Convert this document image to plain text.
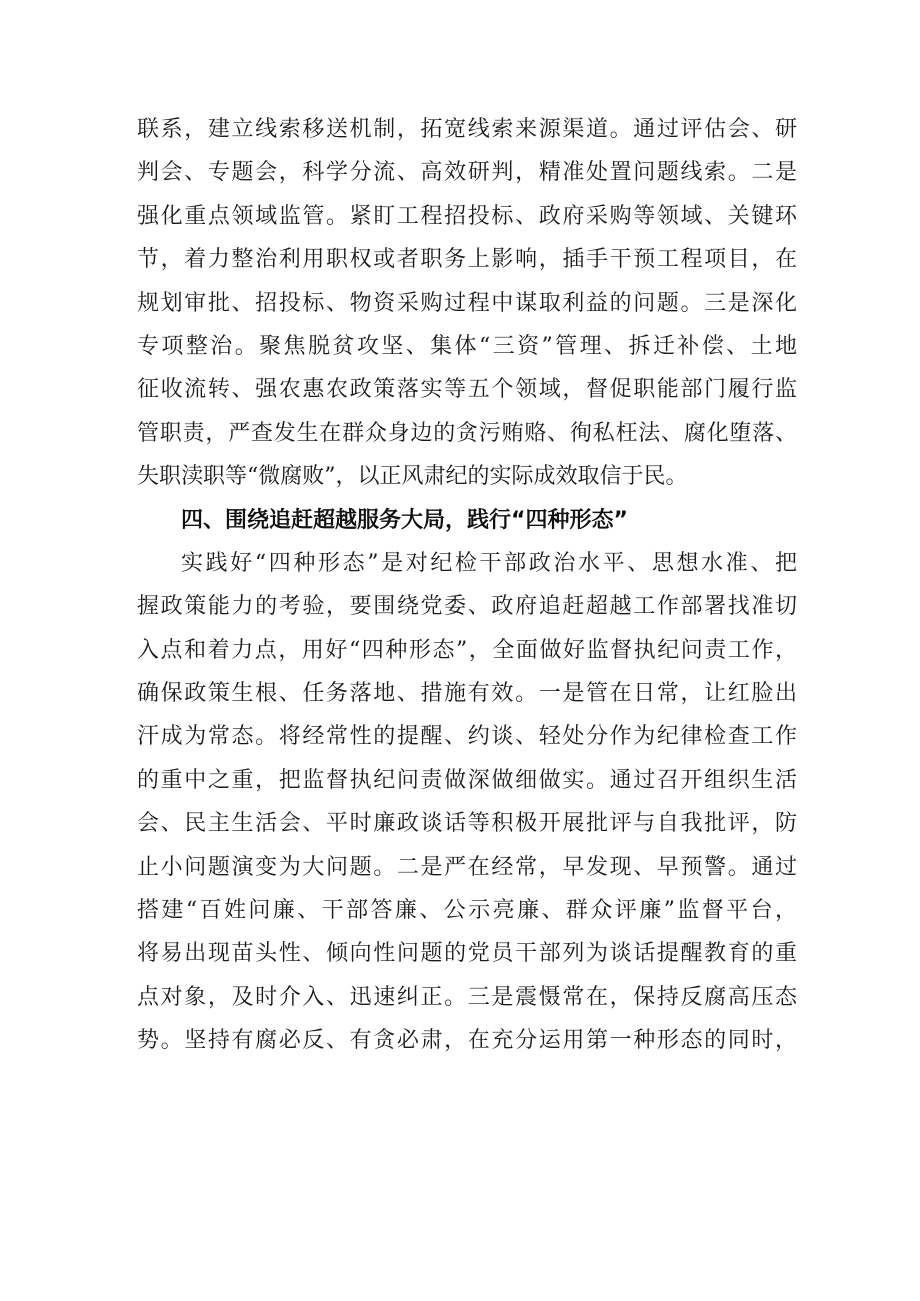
联系，建立线索移送机制，拓宽线索来源渠道。通过评估会、研
判会、专题会，科学分流、高效研判，精准处置问题线索。二是
强化重点领域监管。紧盯工程招投标、政府采购等领域、关键环
节，着力整治利用职权或者职务上影响，插手干预工程项目，在
规划审批、招投标、物资采购过程中谋取利益的问题。三是深化
专项整治。聚焦脱贫攻坚、集体“三资”管理、拆迁补偿、土地
征收流转、强农惠农政策落实等五个领域，督促职能部门履行监
管职责，严查发生在群众身边的贪污贿赂、徇私枉法、腐化堕落、
失职渎职等“微腐败”，以正风肃纪的实际成效取信于民。
四、围绕追赶超越服务大局，践行“四种形态”
实践好“四种形态”是对纪检干部政治水平、思想水准、把
握政策能力的考验，要围绕党委、政府追赶超越工作部署找准切
入点和着力点，用好“四种形态”，全面做好监督执纪问责工作，
确保政策生根、任务落地、措施有效。一是管在日常，让红脸出
汗成为常态。将经常性的提醒、约谈、轻处分作为纪律检查工作
的重中之重，把监督执纪问责做深做细做实。通过召开组织生活
会、民主生活会、平时廉政谈话等积极开展批评与自我批评，防
止小问题演变为大问题。二是严在经常，早发现、早预警。通过
搭建“百姓问廉、干部答廉、公示亮廉、群众评廉”监督平台，
将易出现苗头性、倾向性问题的党员干部列为谈话提醒教育的重
点对象，及时介入、迅速纠正。三是震慑常在，保持反腐高压态
势。坚持有腐必反、有贪必肃，在充分运用第一种形态的同时，
